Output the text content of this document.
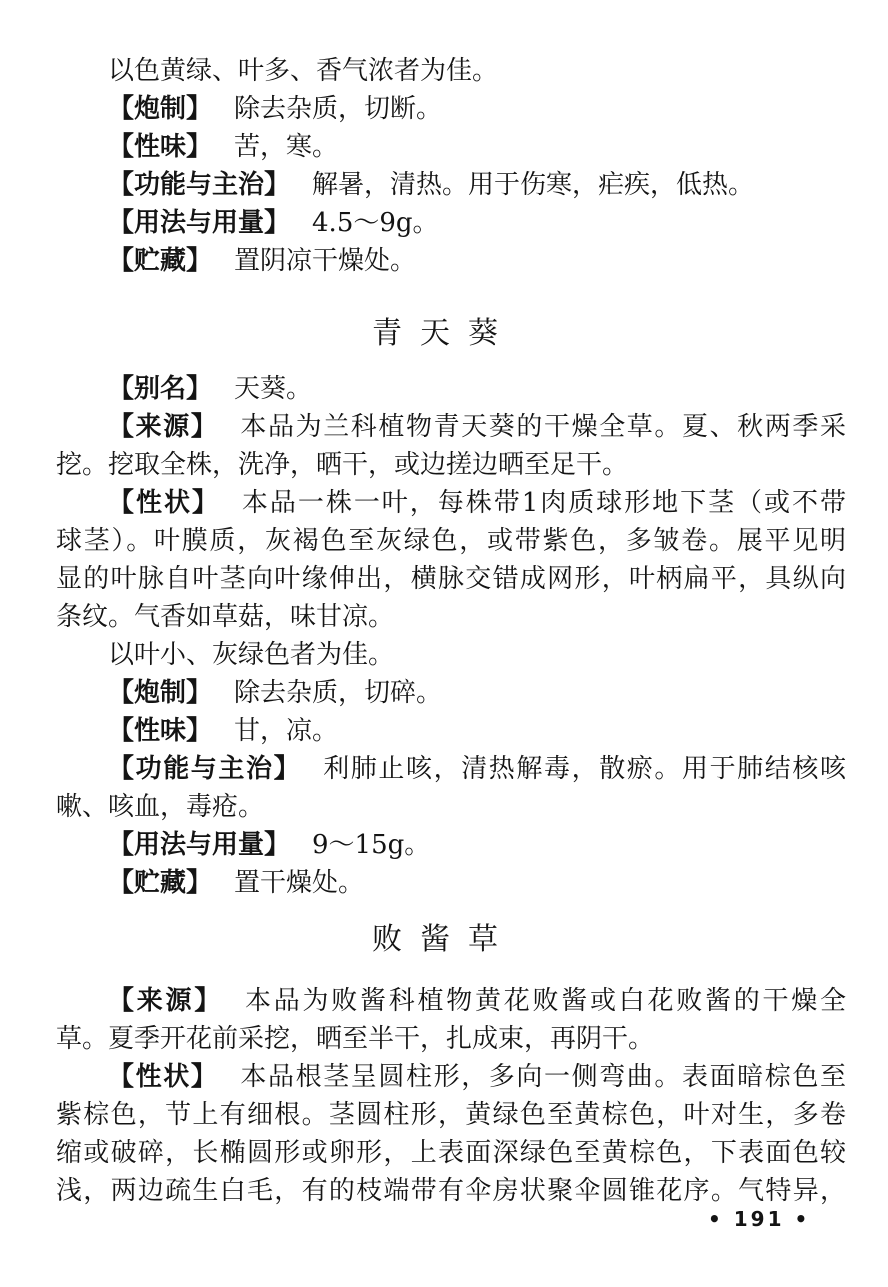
以色黄绿、叶多、香气浓者为佳。
【炮制】 除去杂质，切断。
【性味】 苦，寒。
【功能与主治】 解暑，清热。用于伤寒，疟疾，低热。
【用法与用量】 4.5～9g。
【贮藏】 置阴凉干燥处。
青天葵
【别名】 天葵。
【来源】 本品为兰科植物青天葵的干燥全草。夏、秋两季采
挖。挖取全株，洗净，晒干，或边搓边晒至足干。
【性状】 本品一株一叶，每株带1肉质球形地下茎（或不带
球茎）。叶膜质，灰褐色至灰绿色，或带紫色，多皱卷。展平见明
显的叶脉自叶茎向叶缘伸出，横脉交错成网形，叶柄扁平，具纵向
条纹。气香如草菇，味甘凉。
以叶小、灰绿色者为佳。
【炮制】 除去杂质，切碎。
【性味】 甘，凉。
【功能与主治】 利肺止咳，清热解毒，散瘀。用于肺结核咳
嗽、咳血，毒疮。
【用法与用量】 9～15g。
【贮藏】 置干燥处。
败酱草
【来源】 本品为败酱科植物黄花败酱或白花败酱的干燥全
草。夏季开花前采挖，晒至半干，扎成束，再阴干。
【性状】 本品根茎呈圆柱形，多向一侧弯曲。表面暗棕色至
紫棕色，节上有细根。茎圆柱形，黄绿色至黄棕色，叶对生，多卷
缩或破碎，长椭圆形或卵形，上表面深绿色至黄棕色，下表面色较
浅，两边疏生白毛，有的枝端带有伞房状聚伞圆锥花序。气特异，
• 191 •
